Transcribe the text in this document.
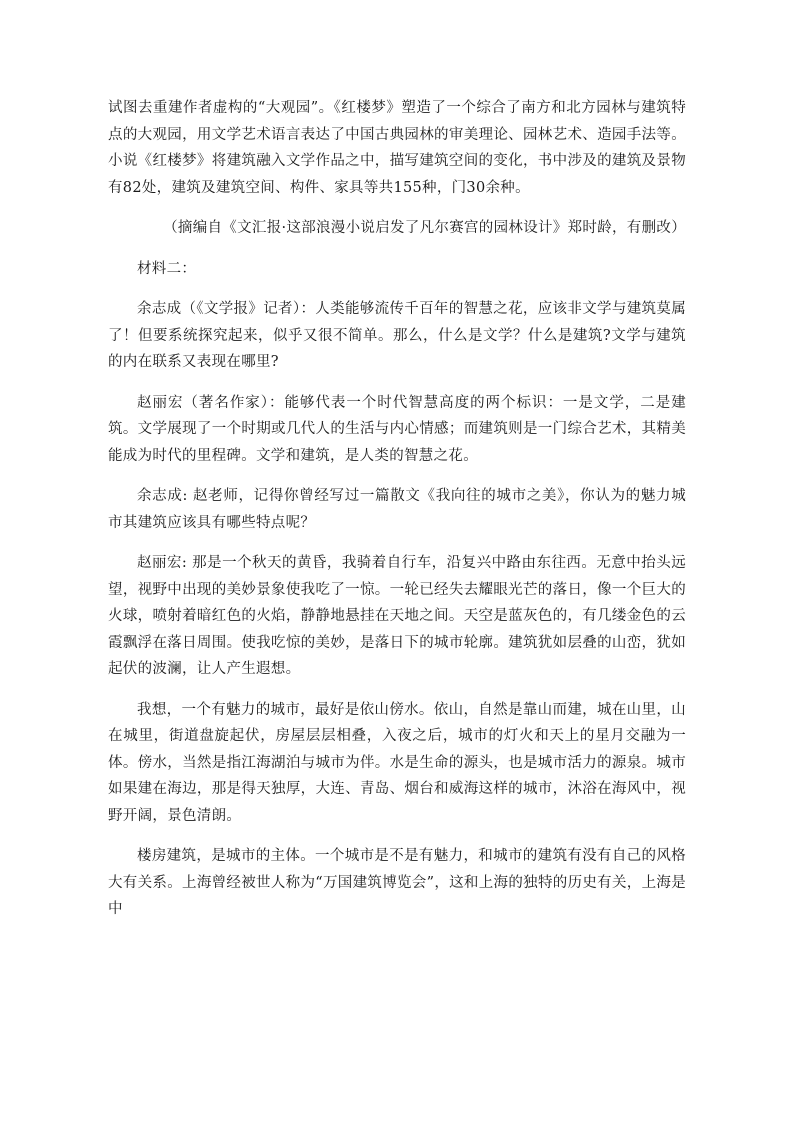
试图去重建作者虚构的“大观园”。《红楼梦》塑造了一个综合了南方和北方园林与建筑特点的大观园，用文学艺术语言表达了中国古典园林的审美理论、园林艺术、造园手法等。小说《红楼梦》将建筑融入文学作品之中，描写建筑空间的变化，书中涉及的建筑及景物有82处，建筑及建筑空间、构件、家具等共155种，门30余种。

（摘编自《文汇报·这部浪漫小说启发了凡尔赛宫的园林设计》郑时龄，有删改）

材料二：

余志成（《文学报》记者）：人类能够流传千百年的智慧之花，应该非文学与建筑莫属了！但要系统探究起来，似乎又很不简单。那么，什么是文学？什么是建筑?文学与建筑的内在联系又表现在哪里?

赵丽宏（著名作家）：能够代表一个时代智慧高度的两个标识：一是文学，二是建筑。文学展现了一个时期或几代人的生活与内心情感；而建筑则是一门综合艺术，其精美能成为时代的里程碑。文学和建筑，是人类的智慧之花。

余志成: 赵老师，记得你曾经写过一篇散文《我向往的城市之美》，你认为的魅力城市其建筑应该具有哪些特点呢？

赵丽宏: 那是一个秋天的黄昏，我骑着自行车，沿复兴中路由东往西。无意中抬头远望，视野中出现的美妙景象使我吃了一惊。一轮已经失去耀眼光芒的落日，像一个巨大的火球，喷射着暗红色的火焰，静静地悬挂在天地之间。天空是蓝灰色的，有几缕金色的云霞飘浮在落日周围。使我吃惊的美妙，是落日下的城市轮廓。建筑犹如层叠的山峦，犹如起伏的波澜，让人产生遐想。

我想，一个有魅力的城市，最好是依山傍水。依山，自然是靠山而建，城在山里，山在城里，街道盘旋起伏，房屋层层相叠，入夜之后，城市的灯火和天上的星月交融为一体。傍水，当然是指江海湖泊与城市为伴。水是生命的源头，也是城市活力的源泉。城市如果建在海边，那是得天独厚，大连、青岛、烟台和威海这样的城市，沐浴在海风中，视野开阔，景色清朗。

楼房建筑，是城市的主体。一个城市是不是有魅力，和城市的建筑有没有自己的风格大有关系。上海曾经被世人称为“万国建筑博览会”，这和上海的独特的历史有关，上海是中
